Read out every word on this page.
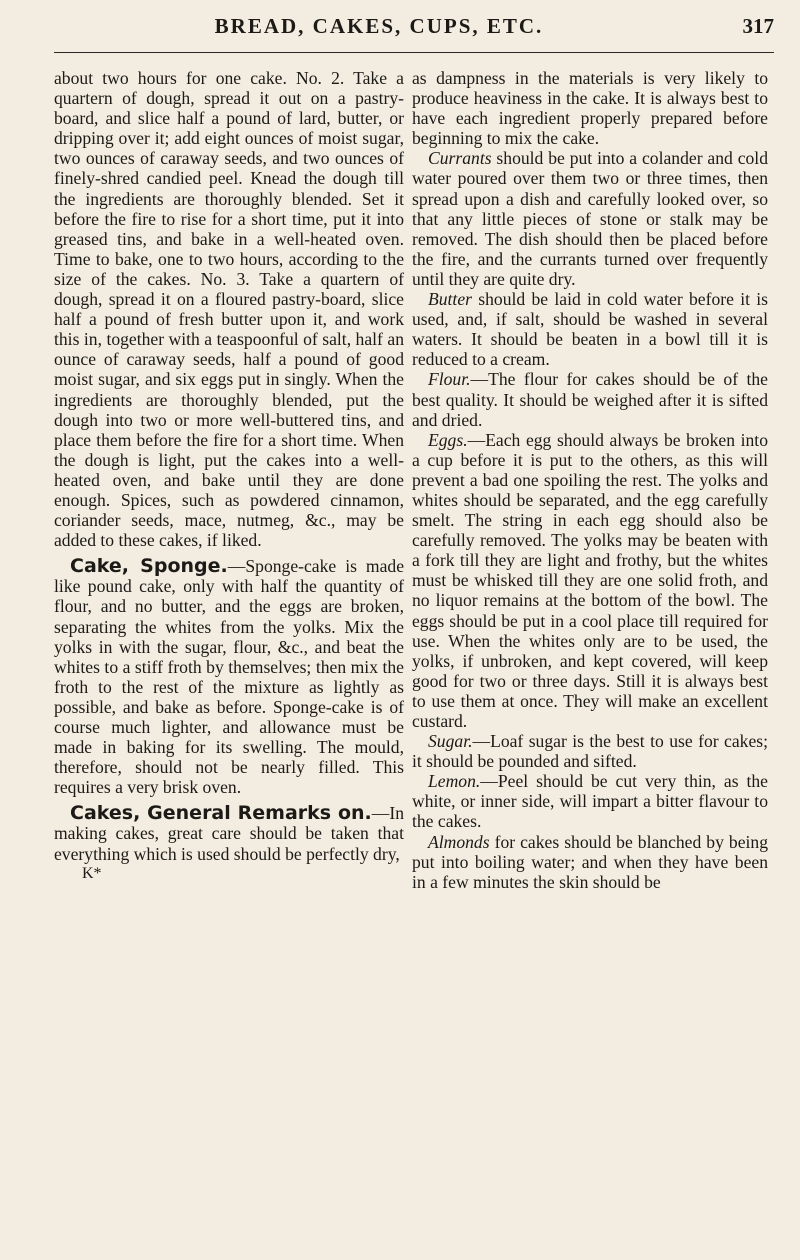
BREAD, CAKES, CUPS, ETC.	317

about two hours for one cake. No. 2. Take a quartern of dough, spread it out on a pastry-board, and slice half a pound of lard, butter, or dripping over it; add eight ounces of moist sugar, two ounces of caraway seeds, and two ounces of finely-shred candied peel. Knead the dough till the ingredients are thoroughly blended. Set it before the fire to rise for a short time, put it into greased tins, and bake in a well-heated oven. Time to bake, one to two hours, according to the size of the cakes. No. 3. Take a quartern of dough, spread it on a floured pastry-board, slice half a pound of fresh butter upon it, and work this in, together with a teaspoonful of salt, half an ounce of caraway seeds, half a pound of good moist sugar, and six eggs put in singly. When the ingredients are thoroughly blended, put the dough into two or more well-buttered tins, and place them before the fire for a short time. When the dough is light, put the cakes into a well-heated oven, and bake until they are done enough. Spices, such as powdered cinnamon, coriander seeds, mace, nutmeg, &c., may be added to these cakes, if liked.

Cake, Sponge.—Sponge-cake is made like pound cake, only with half the quantity of flour, and no butter, and the eggs are broken, separating the whites from the yolks. Mix the yolks in with the sugar, flour, &c., and beat the whites to a stiff froth by themselves; then mix the froth to the rest of the mixture as lightly as possible, and bake as before. Sponge-cake is of course much lighter, and allowance must be made in baking for its swelling. The mould, therefore, should not be nearly filled. This requires a very brisk oven.

Cakes, General Remarks on.—In making cakes, great care should be taken that everything which is used should be perfectly dry,

K*

as dampness in the materials is very likely to produce heaviness in the cake. It is always best to have each ingredient properly prepared before beginning to mix the cake.

Currants should be put into a colander and cold water poured over them two or three times, then spread upon a dish and carefully looked over, so that any little pieces of stone or stalk may be removed. The dish should then be placed before the fire, and the currants turned over frequently until they are quite dry.

Butter should be laid in cold water before it is used, and, if salt, should be washed in several waters. It should be beaten in a bowl till it is reduced to a cream.

Flour.—The flour for cakes should be of the best quality. It should be weighed after it is sifted and dried.

Eggs.—Each egg should always be broken into a cup before it is put to the others, as this will prevent a bad one spoiling the rest. The yolks and whites should be separated, and the egg carefully smelt. The string in each egg should also be carefully removed. The yolks may be beaten with a fork till they are light and frothy, but the whites must be whisked till they are one solid froth, and no liquor remains at the bottom of the bowl. The eggs should be put in a cool place till required for use. When the whites only are to be used, the yolks, if unbroken, and kept covered, will keep good for two or three days. Still it is always best to use them at once. They will make an excellent custard.

Sugar.—Loaf sugar is the best to use for cakes; it should be pounded and sifted.

Lemon.—Peel should be cut very thin, as the white, or inner side, will impart a bitter flavour to the cakes.

Almonds for cakes should be blanched by being put into boiling water; and when they have been in a few minutes the skin should be
